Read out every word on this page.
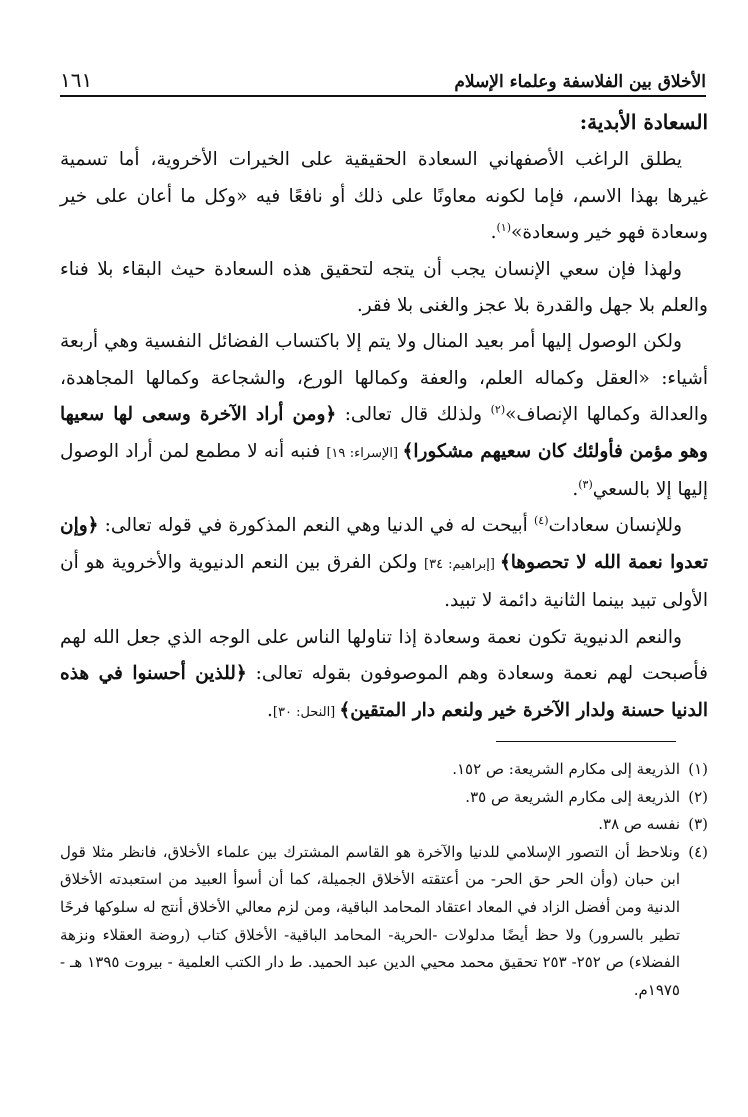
١٦١	الأخلاق بين الفلاسفة وعلماء الإسلام

السعادة الأبدية:

يطلق الراغب الأصفهاني السعادة الحقيقية على الخيرات الأخروية، أما تسمية غيرها بهذا الاسم، فإما لكونه معاونًا على ذلك أو نافعًا فيه «وكل ما أعان على خير وسعادة فهو خير وسعادة»$^{(١)}$.

ولهذا فإن سعي الإنسان يجب أن يتجه لتحقيق هذه السعادة حيث البقاء بلا فناء والعلم بلا جهل والقدرة بلا عجز والغنى بلا فقر.

ولكن الوصول إليها أمر بعيد المنال ولا يتم إلا باكتساب الفضائل النفسية وهي أربعة أشياء: «العقل وكماله العلم، والعفة وكمالها الورع، والشجاعة وكمالها المجاهدة، والعدالة وكمالها الإنصاف»$^{(٢)}$ ولذلك قال تعالى: ﴿ومن أراد الآخرة وسعى لها سعيها وهو مؤمن فأولئك كان سعيهم مشكورا﴾ [الإسراء: ١٩] فنبه أنه لا مطمع لمن أراد الوصول إليها إلا بالسعي$^{(٣)}$.

وللإنسان سعادات$^{(٤)}$ أبيحت له في الدنيا وهي النعم المذكورة في قوله تعالى: ﴿وإن تعدوا نعمة الله لا تحصوها﴾ [إبراهيم: ٣٤] ولكن الفرق بين النعم الدنيوية والأخروية هو أن الأولى تبيد بينما الثانية دائمة لا تبيد.

والنعم الدنيوية تكون نعمة وسعادة إذا تناولها الناس على الوجه الذي جعل الله لهم فأصبحت لهم نعمة وسعادة وهم الموصوفون بقوله تعالى: ﴿للذين أحسنوا في هذه الدنيا حسنة ولدار الآخرة خير ولنعم دار المتقين﴾ [النحل: ٣٠].

(١)
الذريعة إلى مكارم الشريعة: ص ١٥٢.
(٢)
الذريعة إلى مكارم الشريعة ص ٣٥.
(٣)
نفسه ص ٣٨.
(٤)
ونلاحظ أن التصور الإسلامي للدنيا والآخرة هو القاسم المشترك بين علماء الأخلاق، فانظر مثلا قول ابن حبان (وأن الحر حق الحر- من أعتقته الأخلاق الجميلة، كما أن أسوأ العبيد من استعبدته الأخلاق الدنية ومن أفضل الزاد في المعاد اعتقاد المحامد الباقية، ومن لزم معالي الأخلاق أنتج له سلوكها فرحًا تطير بالسرور) ولا حظ أيضًا مدلولات -الحرية- المحامد الباقية- الأخلاق كتاب (روضة العقلاء ونزهة الفضلاء) ص ٢٥٢- ٢٥٣ تحقيق محمد محيي الدين عبد الحميد. ط دار الكتب العلمية - بيروت ١٣٩٥ هـ - ١٩٧٥م.
